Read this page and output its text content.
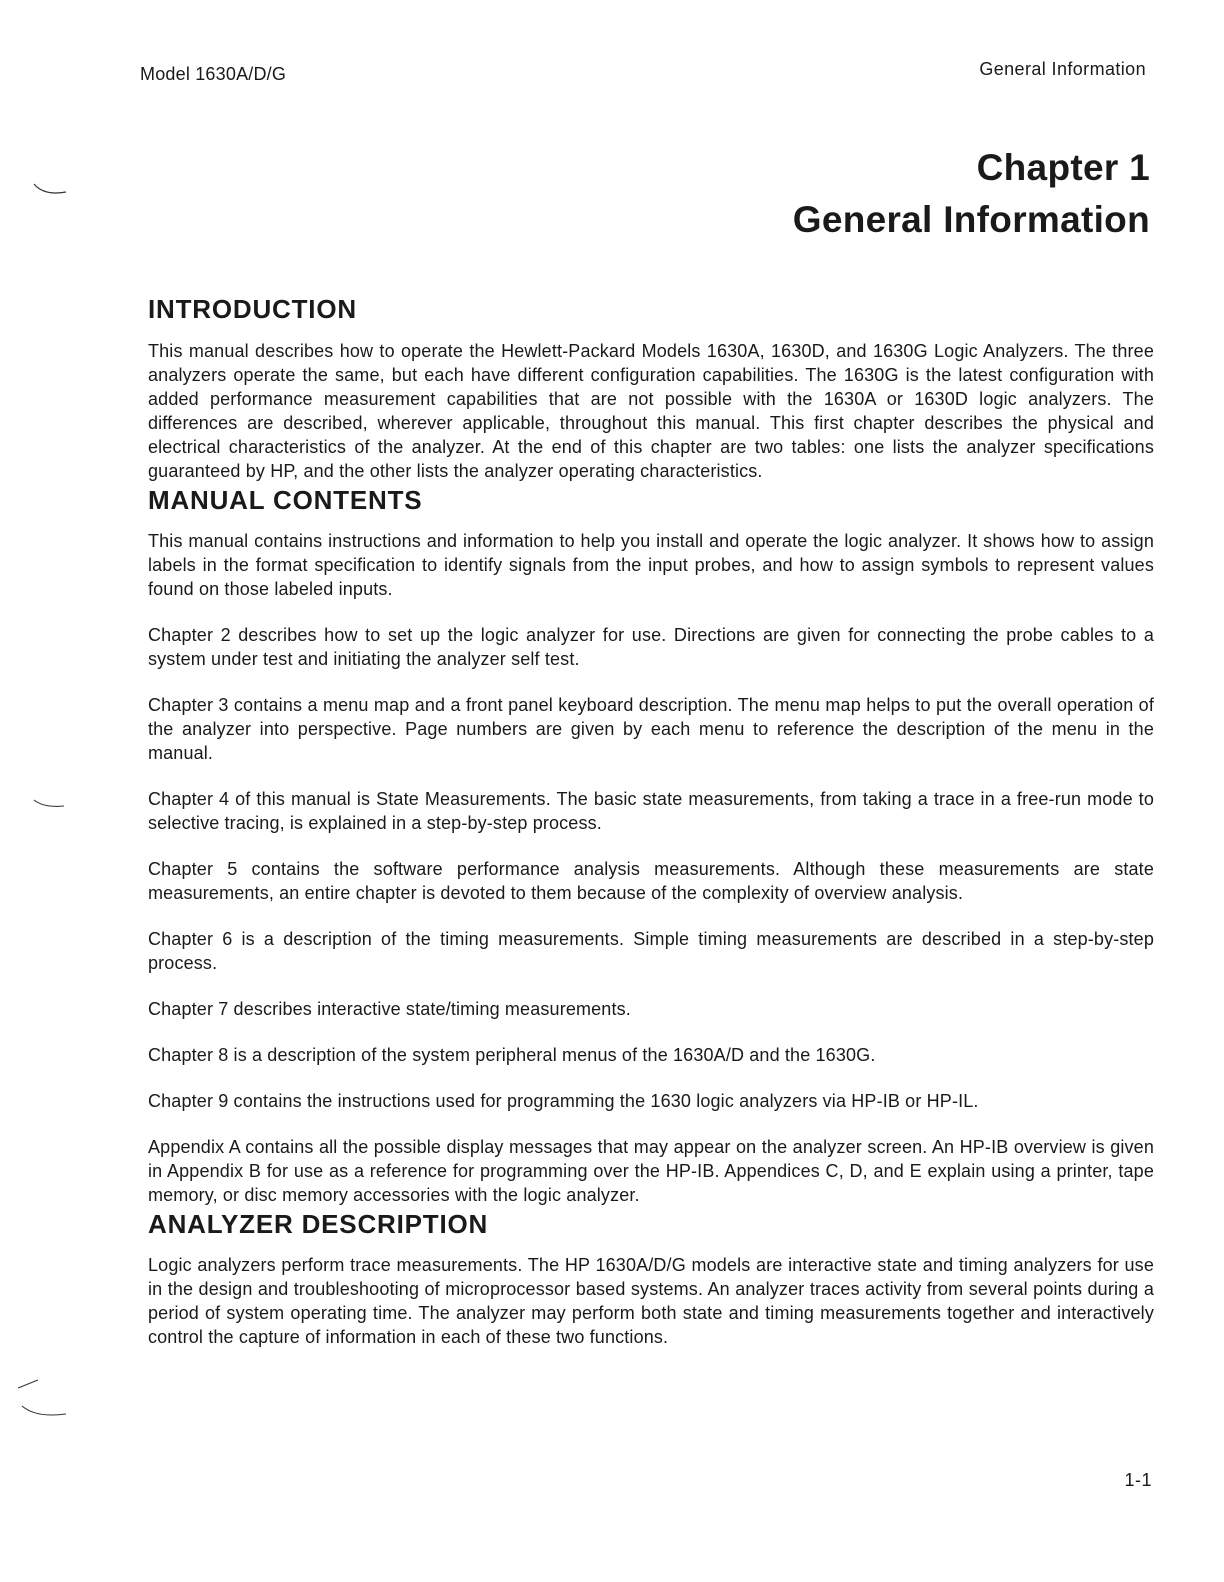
Model 1630A/D/G	General Information
Chapter 1
General Information
INTRODUCTION

This manual describes how to operate the Hewlett-Packard Models 1630A, 1630D, and 1630G Logic Analyzers. The three analyzers operate the same, but each have different configuration capabilities. The 1630G is the latest configuration with added performance measurement capabilities that are not possible with the 1630A or 1630D logic analyzers. The differences are described, wherever applicable, throughout this manual. This first chapter describes the physical and electrical characteristics of the analyzer. At the end of this chapter are two tables: one lists the analyzer specifications guaranteed by HP, and the other lists the analyzer operating characteristics.

MANUAL CONTENTS

This manual contains instructions and information to help you install and operate the logic analyzer. It shows how to assign labels in the format specification to identify signals from the input probes, and how to assign symbols to represent values found on those labeled inputs.

Chapter 2 describes how to set up the logic analyzer for use. Directions are given for connecting the probe cables to a system under test and initiating the analyzer self test.

Chapter 3 contains a menu map and a front panel keyboard description. The menu map helps to put the overall operation of the analyzer into perspective. Page numbers are given by each menu to reference the description of the menu in the manual.

Chapter 4 of this manual is State Measurements. The basic state measurements, from taking a trace in a free-run mode to selective tracing, is explained in a step-by-step process.

Chapter 5 contains the software performance analysis measurements. Although these measurements are state measurements, an entire chapter is devoted to them because of the complexity of overview analysis.

Chapter 6 is a description of the timing measurements. Simple timing measurements are described in a step-by-step process.

Chapter 7 describes interactive state/timing measurements.

Chapter 8 is a description of the system peripheral menus of the 1630A/D and the 1630G.

Chapter 9 contains the instructions used for programming the 1630 logic analyzers via HP-IB or HP-IL.

Appendix A contains all the possible display messages that may appear on the analyzer screen. An HP-IB overview is given in Appendix B for use as a reference for programming over the HP-IB. Appendices C, D, and E explain using a printer, tape memory, or disc memory accessories with the logic analyzer.

ANALYZER DESCRIPTION

Logic analyzers perform trace measurements. The HP 1630A/D/G models are interactive state and timing analyzers for use in the design and troubleshooting of microprocessor based systems. An analyzer traces activity from several points during a period of system operating time. The analyzer may perform both state and timing measurements together and interactively control the capture of information in each of these two functions.

1-1
